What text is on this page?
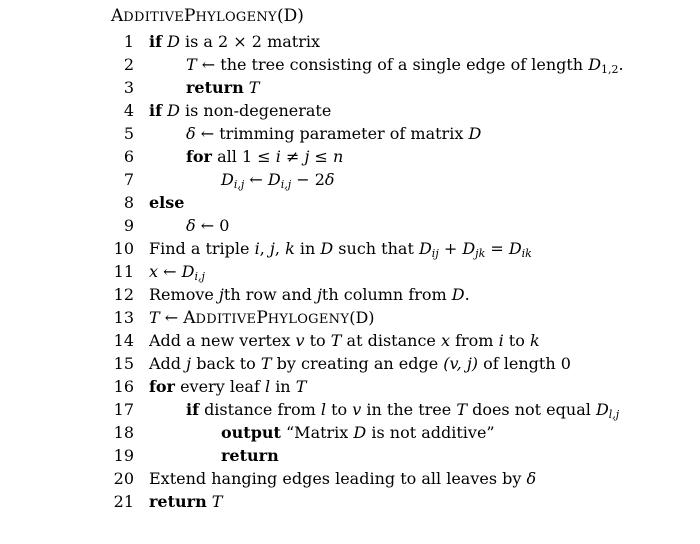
ADDITIVEPHYLOGENY(D)
1 if D is a 2 × 2 matrix
2	T ← the tree consisting of a single edge of length $D_{1,2}$.
3	return T
4 if D is non-degenerate
5	δ ← trimming parameter of matrix D
6	for all 1 ≤ i ≠ j ≤ n
7	$D_{i,j}$ ← $D_{i,j} - 2\delta$
8 else
9	δ ← 0
10 Find a triple i, j, k in D such that $D_{ij} + D_{jk} = D_{ik}$
11 x ← $D_{i,j}$
12 Remove jth row and jth column from D.
13 T ← ADDITIVEPHYLOGENY(D)
14 Add a new vertex v to T at distance x from i to k
15 Add j back to T by creating an edge (v, j) of length 0
16 for every leaf l in T
17	if distance from l to v in the tree T does not equal $D_{l,j}$
18	output “Matrix D is not additive”
19	return
20 Extend hanging edges leading to all leaves by δ
21 return T
